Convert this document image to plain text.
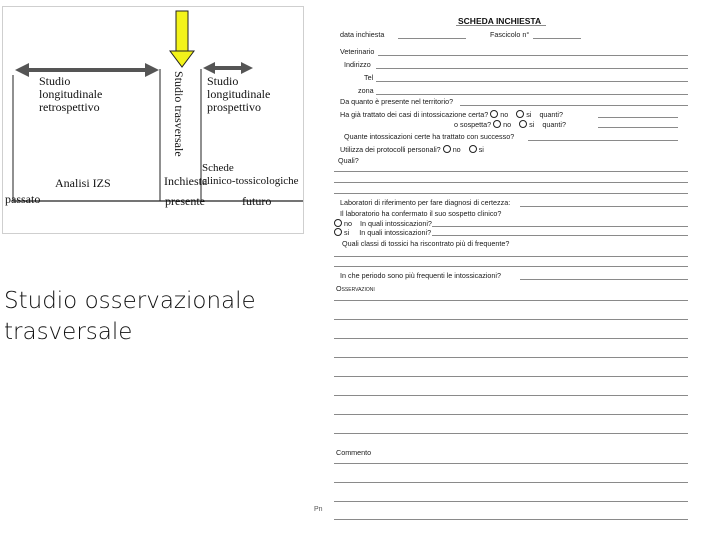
Studio
longitudinale
retrospettivo	Studio trasversale Studio
longitudinale
prospettivo
Analisi IZS	Inchiesta
Schede
clinico-tossicologiche
passato	presente	futuro
Studio osservazionale
trasversale
SCHEDA INCHIESTA
data inchiesta	Fascicolo n°
Veterinario
Indirizzo
Tel
zona
Da quanto è presente nel territorio?
Ha già trattato dei casi di intossicazione certa? no	si quanti?
o sospetta? no	si quanti?
Quante intossicazioni certe ha trattato con successo?
Utilizza dei protocolli personali? no	si
Quali?
Laboratori di riferimento per fare diagnosi di certezza:
Il laboratorio ha confermato il suo sospetto clinico?
no In quali intossicazioni?
si In quali intossicazioni?
Quali classi di tossici ha riscontrato più di frequente?
In che periodo sono più frequenti le intossicazioni?
Osservazioni
Commento
Pn
